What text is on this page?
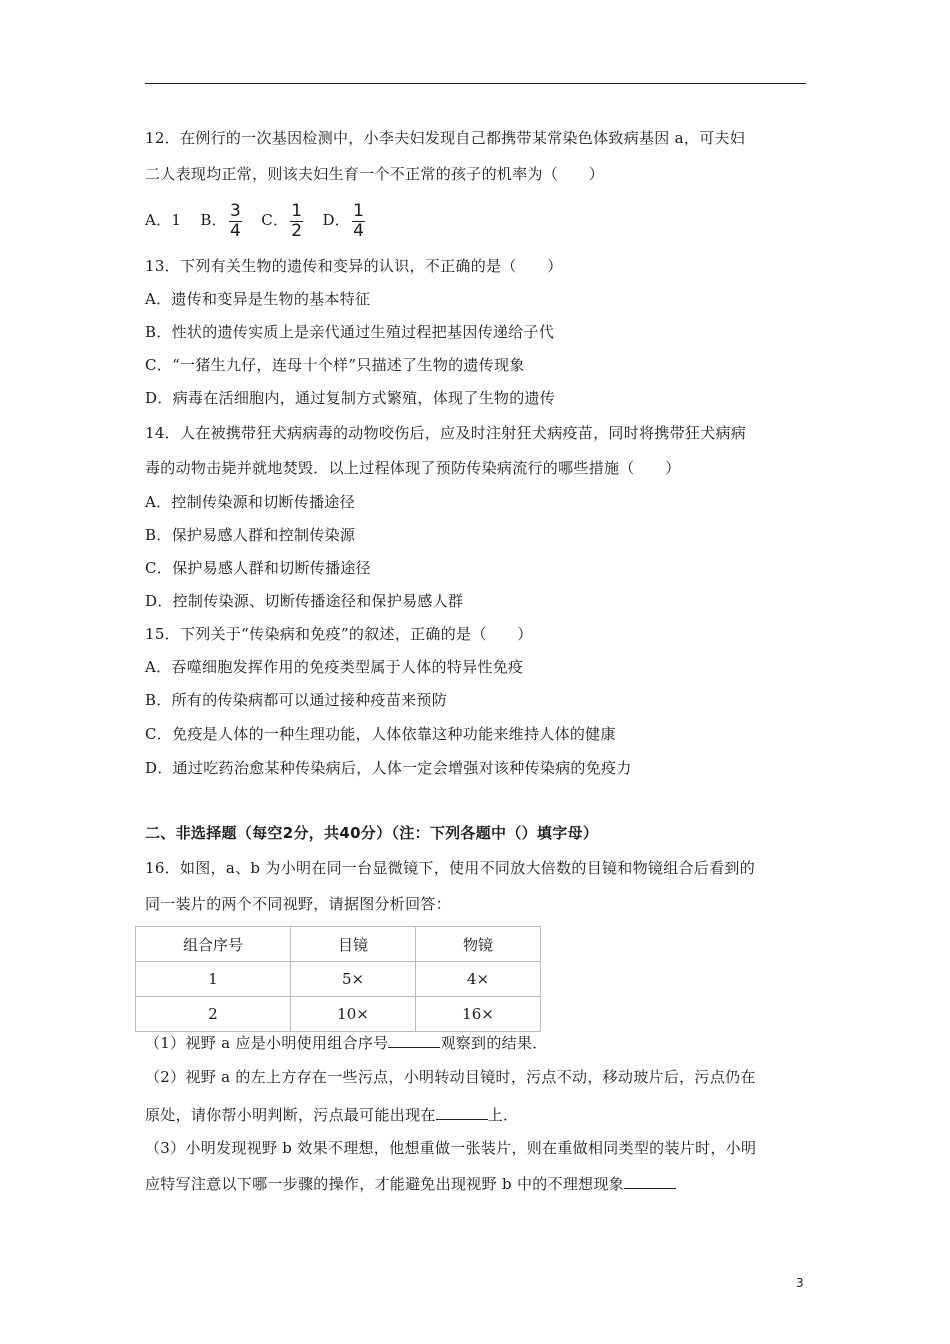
12．在例行的一次基因检测中，小李夫妇发现自己都携带某常染色体致病基因 a，可夫妇
二人表现均正常，则该夫妇生育一个不正常的孩子的机率为（　　）
A．1 B． $\frac{3}{4}$ C． $\frac{1}{2}$ D． $\frac{1}{4}$
13．下列有关生物的遗传和变异的认识，不正确的是（　　）
A．遗传和变异是生物的基本特征
B．性状的遗传实质上是亲代通过生殖过程把基因传递给子代
C．“一猪生九仔，连母十个样”只描述了生物的遗传现象
D．病毒在活细胞内，通过复制方式繁殖，体现了生物的遗传
14．人在被携带狂犬病病毒的动物咬伤后，应及时注射狂犬病疫苗，同时将携带狂犬病病
毒的动物击毙并就地焚毁．以上过程体现了预防传染病流行的哪些措施（　　）
A．控制传染源和切断传播途径
B．保护易感人群和控制传染源
C．保护易感人群和切断传播途径
D．控制传染源、切断传播途径和保护易感人群
15．下列关于“传染病和免疫”的叙述，正确的是（　　）
A．吞噬细胞发挥作用的免疫类型属于人体的特异性免疫
B．所有的传染病都可以通过接种疫苗来预防
C．免疫是人体的一种生理功能，人体依靠这种功能来维持人体的健康
D．通过吃药治愈某种传染病后，人体一定会增强对该种传染病的免疫力
二、非选择题（每空2分，共40分）（注：下列各题中（）填字母）
16．如图，a、b 为小明在同一台显微镜下，使用不同放大倍数的目镜和物镜组合后看到的
同一装片的两个不同视野，请据图分析回答：
组合序号	目镜	物镜
1	5×	4×
2	10×	16×
（1）视野 a 应是小明使用组合序号	观察到的结果．
（2）视野 a 的左上方存在一些污点，小明转动目镜时，污点不动，移动玻片后，污点仍在
原处，请你帮小明判断，污点最可能出现在	上．
（3）小明发现视野 b 效果不理想，他想重做一张装片，则在重做相同类型的装片时，小明
应特写注意以下哪一步骤的操作，才能避免出现视野 b 中的不理想现象
3
